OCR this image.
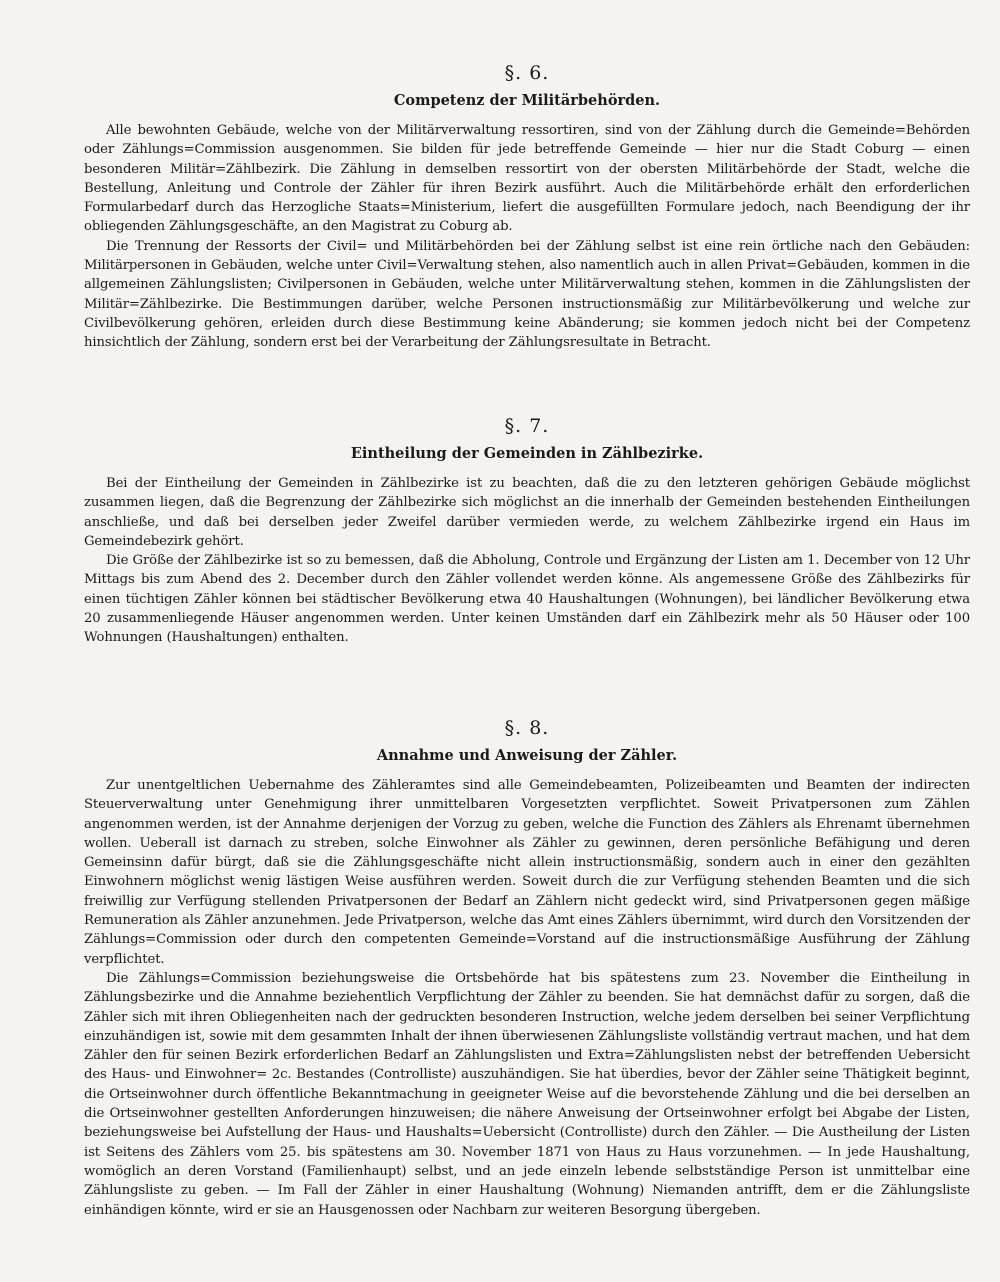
§. 6.
Competenz der Militärbehörden.

Alle bewohnten Gebäude, welche von der Militärverwaltung ressortiren, sind von der Zählung durch die Gemeinde=Behörden oder Zählungs=Commission ausgenommen. Sie bilden für jede betreffende Gemeinde — hier nur die Stadt Coburg — einen besonderen Militär=Zählbezirk. Die Zählung in demselben ressortirt von der obersten Militärbehörde der Stadt, welche die Bestellung, Anleitung und Controle der Zähler für ihren Bezirk ausführt. Auch die Militärbehörde erhält den erforderlichen Formularbedarf durch das Herzogliche Staats=Ministerium, liefert die ausgefüllten Formulare jedoch, nach Beendigung der ihr obliegenden Zählungsgeschäfte, an den Magistrat zu Coburg ab.

Die Trennung der Ressorts der Civil= und Militärbehörden bei der Zählung selbst ist eine rein örtliche nach den Gebäuden: Militärpersonen in Gebäuden, welche unter Civil=Verwaltung stehen, also namentlich auch in allen Privat=Gebäuden, kommen in die allgemeinen Zählungslisten; Civilpersonen in Gebäuden, welche unter Militärverwaltung stehen, kommen in die Zählungslisten der Militär=Zählbezirke. Die Bestimmungen darüber, welche Personen instructionsmäßig zur Militärbevölkerung und welche zur Civilbevölkerung gehören, erleiden durch diese Bestimmung keine Abänderung; sie kommen jedoch nicht bei der Competenz hinsichtlich der Zählung, sondern erst bei der Verarbeitung der Zählungsresultate in Betracht.

§. 7.
Eintheilung der Gemeinden in Zählbezirke.

Bei der Eintheilung der Gemeinden in Zählbezirke ist zu beachten, daß die zu den letzteren gehörigen Gebäude möglichst zusammen liegen, daß die Begrenzung der Zählbezirke sich möglichst an die innerhalb der Gemeinden bestehenden Eintheilungen anschließe, und daß bei derselben jeder Zweifel darüber vermieden werde, zu welchem Zählbezirke irgend ein Haus im Gemeindebezirk gehört.

Die Größe der Zählbezirke ist so zu bemessen, daß die Abholung, Controle und Ergänzung der Listen am 1. December von 12 Uhr Mittags bis zum Abend des 2. December durch den Zähler vollendet werden könne. Als angemessene Größe des Zählbezirks für einen tüchtigen Zähler können bei städtischer Bevölkerung etwa 40 Haushaltungen (Wohnungen), bei ländlicher Bevölkerung etwa 20 zusammenliegende Häuser angenommen werden. Unter keinen Umständen darf ein Zählbezirk mehr als 50 Häuser oder 100 Wohnungen (Haushaltungen) enthalten.

§. 8.
Annahme und Anweisung der Zähler.

Zur unentgeltlichen Uebernahme des Zähleramtes sind alle Gemeindebeamten, Polizeibeamten und Beamten der indirecten Steuerverwaltung unter Genehmigung ihrer unmittelbaren Vorgesetzten verpflichtet. Soweit Privatpersonen zum Zählen angenommen werden, ist der Annahme derjenigen der Vorzug zu geben, welche die Function des Zählers als Ehrenamt übernehmen wollen. Ueberall ist darnach zu streben, solche Einwohner als Zähler zu gewinnen, deren persönliche Befähigung und deren Gemeinsinn dafür bürgt, daß sie die Zählungsgeschäfte nicht allein instructionsmäßig, sondern auch in einer den gezählten Einwohnern möglichst wenig lästigen Weise ausführen werden. Soweit durch die zur Verfügung stehenden Beamten und die sich freiwillig zur Verfügung stellenden Privatpersonen der Bedarf an Zählern nicht gedeckt wird, sind Privatpersonen gegen mäßige Remuneration als Zähler anzunehmen. Jede Privatperson, welche das Amt eines Zählers übernimmt, wird durch den Vorsitzenden der Zählungs=Commission oder durch den competenten Gemeinde=Vorstand auf die instructionsmäßige Ausführung der Zählung verpflichtet.

Die Zählungs=Commission beziehungsweise die Ortsbehörde hat bis spätestens zum 23. November die Eintheilung in Zählungsbezirke und die Annahme beziehentlich Verpflichtung der Zähler zu beenden. Sie hat demnächst dafür zu sorgen, daß die Zähler sich mit ihren Obliegenheiten nach der gedruckten besonderen Instruction, welche jedem derselben bei seiner Verpflichtung einzuhändigen ist, sowie mit dem gesammten Inhalt der ihnen überwiesenen Zählungsliste vollständig vertraut machen, und hat dem Zähler den für seinen Bezirk erforderlichen Bedarf an Zählungslisten und Extra=Zählungslisten nebst der betreffenden Uebersicht des Haus- und Einwohner= 2c. Bestandes (Controlliste) auszuhändigen. Sie hat überdies, bevor der Zähler seine Thätigkeit beginnt, die Ortseinwohner durch öffentliche Bekanntmachung in geeigneter Weise auf die bevorstehende Zählung und die bei derselben an die Ortseinwohner gestellten Anforderungen hinzuweisen; die nähere Anweisung der Ortseinwohner erfolgt bei Abgabe der Listen, beziehungsweise bei Aufstellung der Haus- und Haushalts=Uebersicht (Controlliste) durch den Zähler. — Die Austheilung der Listen ist Seitens des Zählers vom 25. bis spätestens am 30. November 1871 von Haus zu Haus vorzunehmen. — In jede Haushaltung, womöglich an deren Vorstand (Familienhaupt) selbst, und an jede einzeln lebende selbstständige Person ist unmittelbar eine Zählungsliste zu geben. — Im Fall der Zähler in einer Haushaltung (Wohnung) Niemanden antrifft, dem er die Zählungsliste einhändigen könnte, wird er sie an Hausgenossen oder Nachbarn zur weiteren Besorgung übergeben.
